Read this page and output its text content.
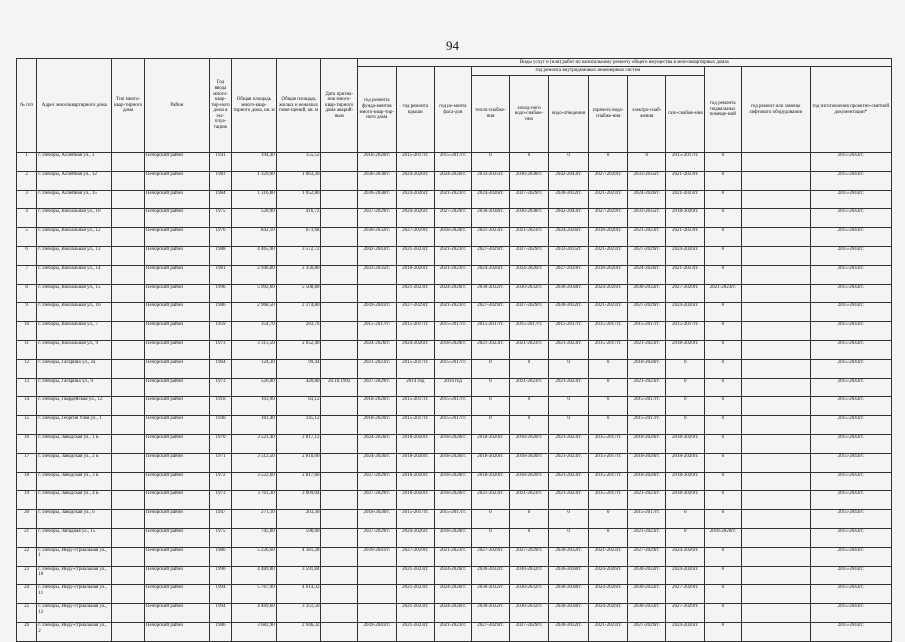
94
№ п/п	Адрес многоквартирного дома	Тип много-квар-тирного дома	Район	Год ввода много-квар-тир-ного дома в экс-плуа-тацию	Общая площадь много-квар-тирного дома, кв. м	Общая площадь жилых и нежилых поме-щений, кв. м	Дата призна-ния много-квар-тирного дома аварий-ным	Виды услуг и (или) работ по капитальному ремонту общего имущества в многоквартирных домах											
								год ремонта фунда-ментов много-квар-тир-ного дома	год ремонта крыши	год ре-монта фаса-дов	год ремонта внутридомовых инженерных систем						год ремонта подвальных помеще-ний	год ремонт или замены лифтового оборудования	год изготовления проектно-сметной документации*
											тепло-снабже-ния	холод-ного водо-снабже-ния	водо-отведения	горячего водо-снабже-ния	электро-снаб-жения	газо-снабже-ния			
1	г. Печоры, Аллейная ул., 1		Печорский район	1941	194,40	155,52		2018-2020гг.	2015-2017гг.	2015-2017гг.	0	0	0	0	0	2015-2017гг.	0		2015-2043гг.
2	г. Печоры, Аллейная ул., 12		Печорский район	1983	1 329,00	1 063,20		2036-2038гг.	2024-2026гг.	2024-2026гг.	2033-2035гг.	2036-2038гг.	2042-2043гг.	2027-2029гг.	2033-2035гг.	2021-2023гг.	0		2015-2043гг.
3	г. Печоры, Аллейная ул., 15		Печорский район	1984	1 316,00	1 052,80		2036-2038гг.	2024-2026гг.	2021-2023гг.	2024-2026гг.	2027-2029гг.	2030-2032гг.	2021-2023гг.	2024-2026гг.	2021-2023гг.	0		2015-2043гг.
4	г. Печоры, Вокзальная ул., 10		Печорский район	1975	520,90	416,72		2027-2029гг.	2024-2026гг.	2027-2029гг.	2036-2038гг.	2036-2038гг.	2042-2043гг.	2027-2029гг.	2033-2035гг.	2018-2020гг.	0		2015-2043гг.
5	г. Печоры, Вокзальная ул., 12		Печорский район	1976	842,10	673,68		2030-2032гг.	2027-2029гг.	2018-2020гг.	2021-2023гг.	2021-2023гг.	2024-2026гг.	2018-2020гг.	2021-2023гг.	2021-2023гг.	0		2015-2043гг.
6	г. Печоры, Вокзальная ул., 13		Печорский район	1988	4 465,90	3 572,72		2042-2043гг.	2021-2023гг.	2021-2023гг.	2027-2029гг.	2027-2029гг.	2033-2035гг.	2021-2023гг.	2027-2029гг.	2024-2026гг.	0		2015-2043гг.
7	г. Печоры, Вокзальная ул., 14		Печорский район	1981	2 946,00	2 356,80		2033-2035гг.	2018-2020гг.	2021-2023гг.	2024-2026гг.	2024-2026гг.	2027-2029гг.	2018-2020гг.	2024-2026гг.	2021-2023гг.	0		2015-2043гг.
8	г. Печоры, Вокзальная ул., 15		Печорский район	1996	5 992,60	5 508,80			2021-2023гг.	2024-2026гг.	2030-2032гг.	2030-2032гг.	2036-2038гг.	2024-2026гг.	2030-2032гг.	2027-2029гг.	2021-2023гг.		2015-2043гг.
9	г. Печоры, Вокзальная ул., 16		Печорский район	1986	2 968,50	2 374,80		2039-2041гг.	2027-2029гг.	2021-2023гг.	2027-2029гг.	2027-2029гг.	2030-2032гг.	2021-2023гг.	2027-2029гг.	2024-2026гг.	0		2015-2043гг.
10	г. Печоры, Вокзальная ул., 7		Печорский район	1959	354,70	283,76		2015-2017гг.	2015-2017гг.	2015-2017гг.	2015-2017гг.	2015-2017гг.	2015-2017гг.	2015-2017гг.	2015-2017гг.	2015-2017гг.	0		2015-2043гг.
11	г. Печоры, Вокзальная ул., 9		Печорский район	1973	3 315,50	2 652,40		2024-2026гг.	2024-2026гг.	2018-2020гг.	2021-2023гг.	2021-2023гг.	2021-2023гг.	2015-2017гг.	2021-2023гг.	2018-2020гг.	0		2015-2043гг.
12	г. Печоры, Гагарина ул., 2а		Печорский район	1964	124,30	99,44		2021-2023гг.	2015-2017гг.	2015-2017гг.	0	0	0	0	2018-2020гг.	0	0		2015-2043гг.
13	г. Печоры, Гагарина ул., 9		Печорский район	1973	526,00	420,80	20.10.1992	2027-2029гг.	2014 год	2014 год	0	2021-2023гг.	2021-2023гг.	0	2021-2023гг.	0	0		2015-2043гг.
14	г. Печоры, Гвардейская ул., 12		Печорский район	1918	103,90	83,12		2018-2020гг.	2015-2017гг.	2015-2017гг.	0	0	0	0	2015-2017гг.	0	0		2015-2043гг.
15	г. Печоры, Георгия Улея ул., 1		Печорский район	1940	181,40	145,12		2018-2020гг.	2015-2017гг.	2015-2017гг.	0	0	0	0	2015-2017гг.	0	0		2015-2043гг.
16	г. Печоры, Заводская ул., 1 Б		Печорский район	1970	3 521,40	2 817,12		2024-2026гг.	2018-2020гг.	2018-2020гг.	2018-2020гг.	2018-2020гг.	2021-2023гг.	2015-2017гг.	2018-2020гг.	2018-2020гг.	0		2015-2043гг.
17	г. Печоры, Заводская ул., 2 Б		Печорский район	1971	3 512,50	2 810,00		2024-2026гг.	2018-2020гг.	2018-2020гг.	2018-2020гг.	2018-2020гг.	2021-2023гг.	2015-2017гг.	2018-2020гг.	2018-2020гг.	0		2015-2043гг.
18	г. Печоры, Заводская ул., 3 Б		Печорский район	1972	3 522,00	2 817,60		2027-2029гг.	2018-2020гг.	2018-2020гг.	2018-2020гг.	2018-2020гг.	2021-2023гг.	2015-2017гг.	2018-2020гг.	2018-2020гг.	0		2015-2043гг.
19	г. Печоры, Заводская ул., 4 Б		Печорский район	1973	3 761,30	3 009,04		2027-2029гг.	2018-2020гг.	2018-2020гг.	2021-2023гг.	2021-2023гг.	2021-2023гг.	2015-2017гг.	2021-2023гг.	2018-2020гг.	0		2015-2043гг.
20	г. Печоры, Заводская ул., 6		Печорский район	1947	271,10	203,30		2018-2020гг.	2015-2017гг.	2015-2017гг.	0	0	0	0	2015-2017гг.	0	0		2015-2043гг.
21	г. Печоры, Западная ул., 15		Печорский район	1975	745,00	596,00		2027-2029гг.	2024-2026гг.	2018-2020гг.	0	0	0	0	2021-2023гг.	0	2018-2020гг.		2015-2043гг.
22	г. Печоры, Инду-стриальная ул., 1		Печорский район	1986	5 226,60	4 181,28		2039-2041гг.	2027-2029гг.	2021-2023гг.	2027-2029гг.	2027-2029гг.	2030-2032гг.	2021-2023гг.	2027-2029гг.	2024-2026гг.	0		2015-2043гг.
23	г. Печоры, Инду-стриальная ул., 10		Печорский район	1990	4 489,80	3 591,84			2021-2023гг.	2024-2026гг.	2030-2032гг.	2030-2032гг.	2036-2038гг.	2024-2026гг.	2030-2032гг.	2024-2026гг.	0		2015-2043гг.
24	г. Печоры, Инду-стриальная ул., 11		Печорский район	1994	5 767,90	4 614,32			2021-2023гг.	2024-2026гг.	2030-2032гг.	2030-2032гг.	2036-2038гг.	2024-2026гг.	2030-2032гг.	2027-2029гг.	0		2015-2043гг.
25	г. Печоры, Инду-стриальная ул., 12		Печорский район	1994	4 469,60	3 351,50			2021-2023гг.	2024-2026гг.	2030-2032гг.	2030-2032гг.	2036-2038гг.	2024-2026гг.	2030-2032гг.	2027-2029гг.	0		2015-2043гг.
26	г. Печоры, Инду-стриальная ул., 2		Печорский район	1986	3 682,90	2 946,32		2039-2041гг.	2021-2023гг.	2021-2023гг.	2027-2029гг.	2027-2029гг.	2030-2032гг.	2021-2023гг.	2027-2029гг.	2024-2026гг.	0		2015-2043гг.
